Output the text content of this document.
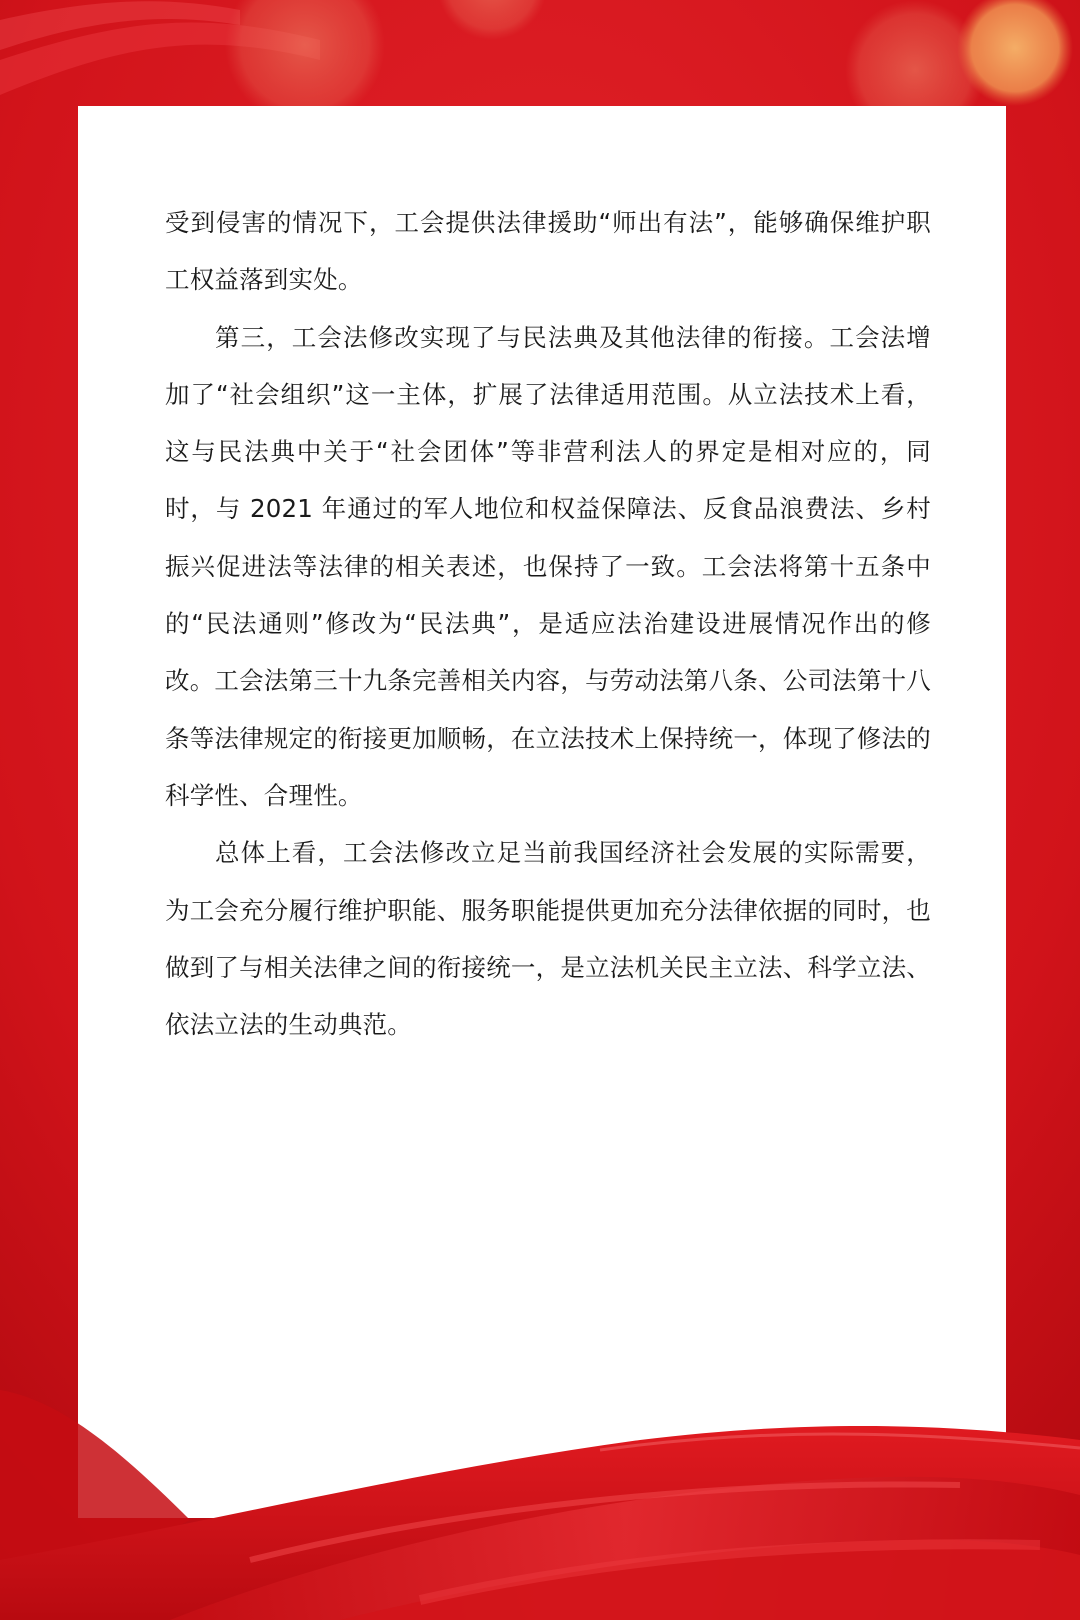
受到侵害的情况下，工会提供法律援助“师出有法”，能够确保维护职工权益落到实处。

第三，工会法修改实现了与民法典及其他法律的衔接。工会法增加了“社会组织”这一主体，扩展了法律适用范围。从立法技术上看，这与民法典中关于“社会团体”等非营利法人的界定是相对应的，同时，与 2021 年通过的军人地位和权益保障法、反食品浪费法、乡村振兴促进法等法律的相关表述，也保持了一致。工会法将第十五条中的“民法通则”修改为“民法典”，是适应法治建设进展情况作出的修改。工会法第三十九条完善相关内容，与劳动法第八条、公司法第十八条等法律规定的衔接更加顺畅，在立法技术上保持统一，体现了修法的科学性、合理性。

总体上看，工会法修改立足当前我国经济社会发展的实际需要，为工会充分履行维护职能、服务职能提供更加充分法律依据的同时，也做到了与相关法律之间的衔接统一，是立法机关民主立法、科学立法、依法立法的生动典范。
